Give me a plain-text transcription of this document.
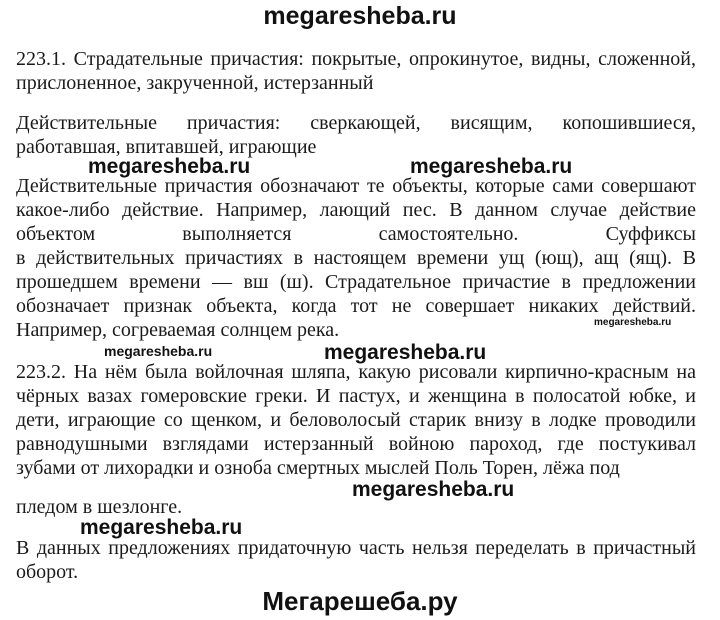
megaresheba.ru
223.1. Страдательные причастия: покрытые, опрокинутое, видны, сложенной,
прислоненное, закрученной, истерзанный
Действительные причастия: сверкающей, висящим, копошившиеся,
работавшая, впитавшей, играющие
megaresheba.ru	megaresheba.ru
Действительные причастия обозначают те объекты, которые сами совершают
какое-либо действие. Например, лающий пес. В данном случае действие
объектом выполняется самостоятельно. Суффиксы
в действительных причастиях в настоящем времени ущ (ющ), ащ (ящ). В
прошедшем времени — вш (ш). Страдательное причастие в предложении
обозначает признак объекта, когда тот не совершает никаких действий.
megaresheba.ru
Например, согреваемая солнцем река.
megaresheba.ru	megaresheba.ru
223.2. На нём была войлочная шляпа, какую рисовали кирпично-красным на
чёрных вазах гомеровские греки. И пастух, и женщина в полосатой юбке, и
дети, играющие со щенком, и беловолосый старик внизу в лодке проводили
равнодушными взглядами истерзанный войною пароход, где постукивал
зубами от лихорадки и озноба смертных мыслей Поль Торен, лёжа под
megaresheba.ru
пледом в шезлонге.
megaresheba.ru
В данных предложениях придаточную часть нельзя переделать в причастный
оборот.
Мегарешеба.ру
